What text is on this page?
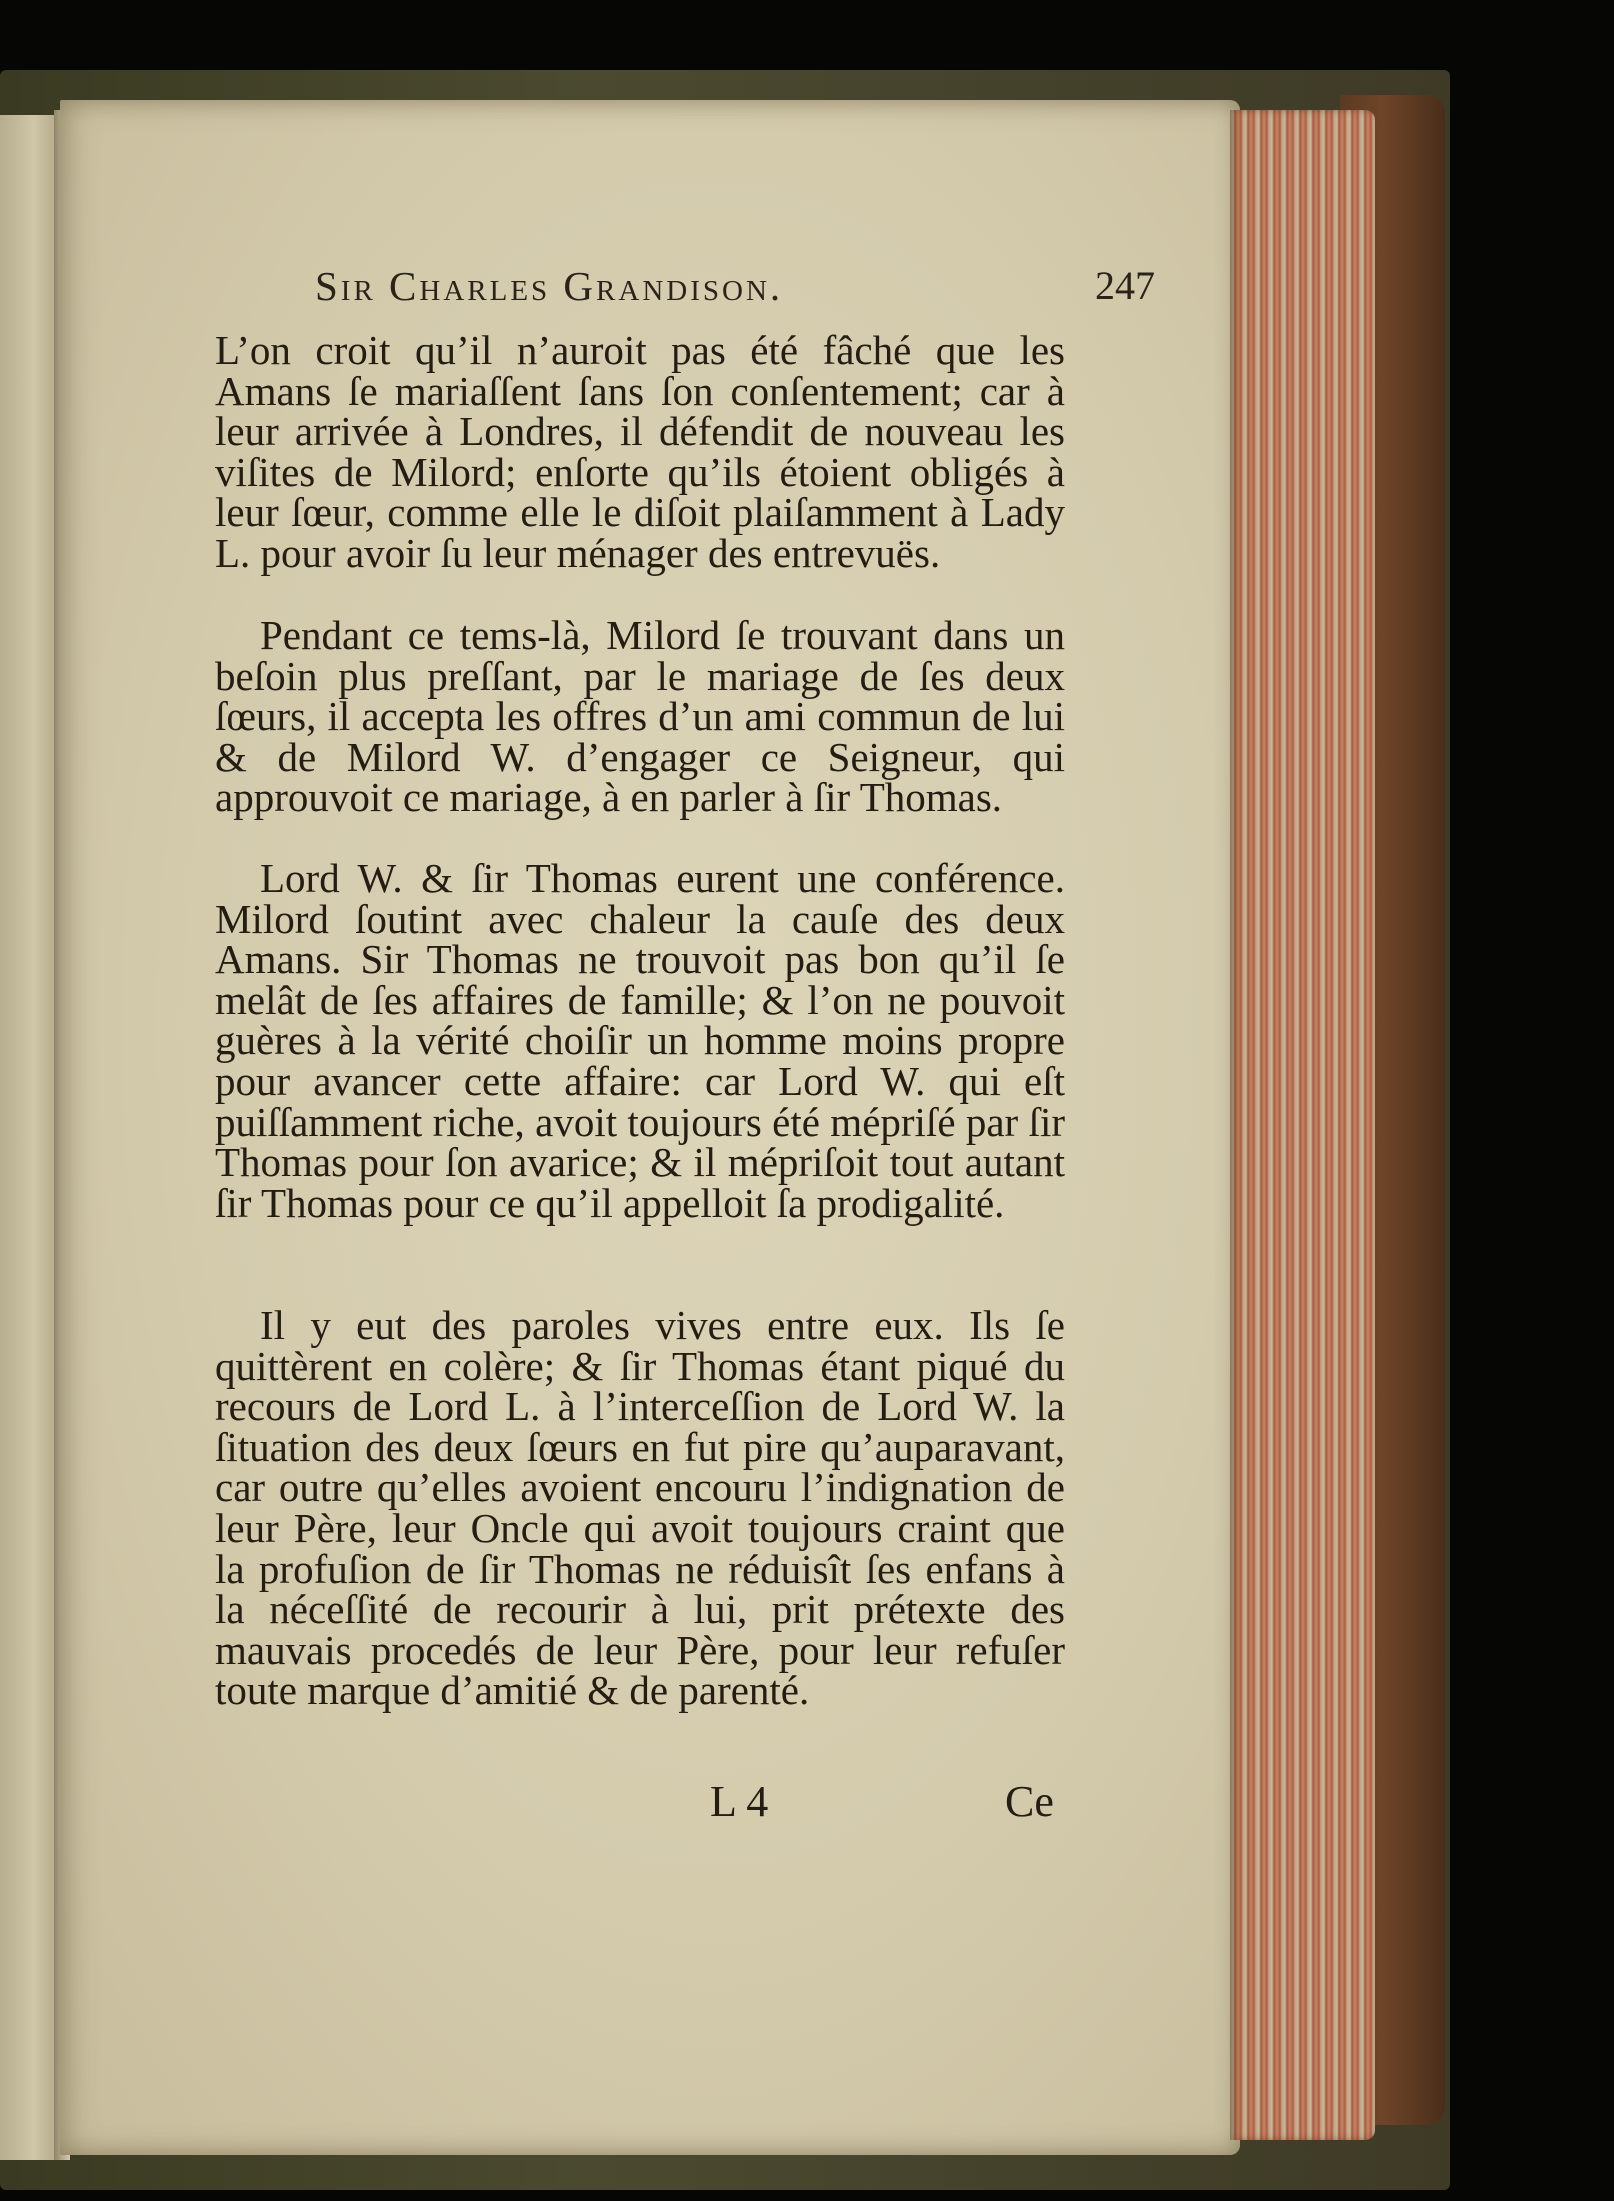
Sir Charles Grandison.	247

L’on croit qu’il n’auroit pas été fâché que les Amans ſe mariaſſent ſans ſon conſentement; car à leur arrivée à Londres, il défendit de nouveau les viſites de Milord; enſorte qu’ils étoient obligés à leur ſœur, comme elle le diſoit plaiſamment à Lady L. pour avoir ſu leur ménager des entrevuës.

Pendant ce tems-là, Milord ſe trouvant dans un beſoin plus preſſant, par le mariage de ſes deux ſœurs, il accepta les offres d’un ami commun de lui & de Milord W. d’engager ce Seigneur, qui approuvoit ce mariage, à en parler à ſir Thomas.

Lord W. & ſir Thomas eurent une conférence. Milord ſoutint avec chaleur la cauſe des deux Amans. Sir Thomas ne trouvoit pas bon qu’il ſe melât de ſes affaires de famille; & l’on ne pouvoit guères à la vérité choiſir un homme moins propre pour avancer cette affaire: car Lord W. qui eſt puiſſamment riche, avoit toujours été mépriſé par ſir Thomas pour ſon avarice; & il mépriſoit tout autant ſir Thomas pour ce qu’il appelloit ſa prodigalité.

Il y eut des paroles vives entre eux. Ils ſe quittèrent en colère; & ſir Thomas étant piqué du recours de Lord L. à l’interceſſion de Lord W. la ſituation des deux ſœurs en fut pire qu’auparavant, car outre qu’elles avoient encouru l’indignation de leur Père, leur Oncle qui avoit toujours craint que la profuſion de ſir Thomas ne réduisît ſes enfans à la néceſſité de recourir à lui, prit prétexte des mauvais procedés de leur Père, pour leur refuſer toute marque d’amitié & de parenté.

L 4	Ce
